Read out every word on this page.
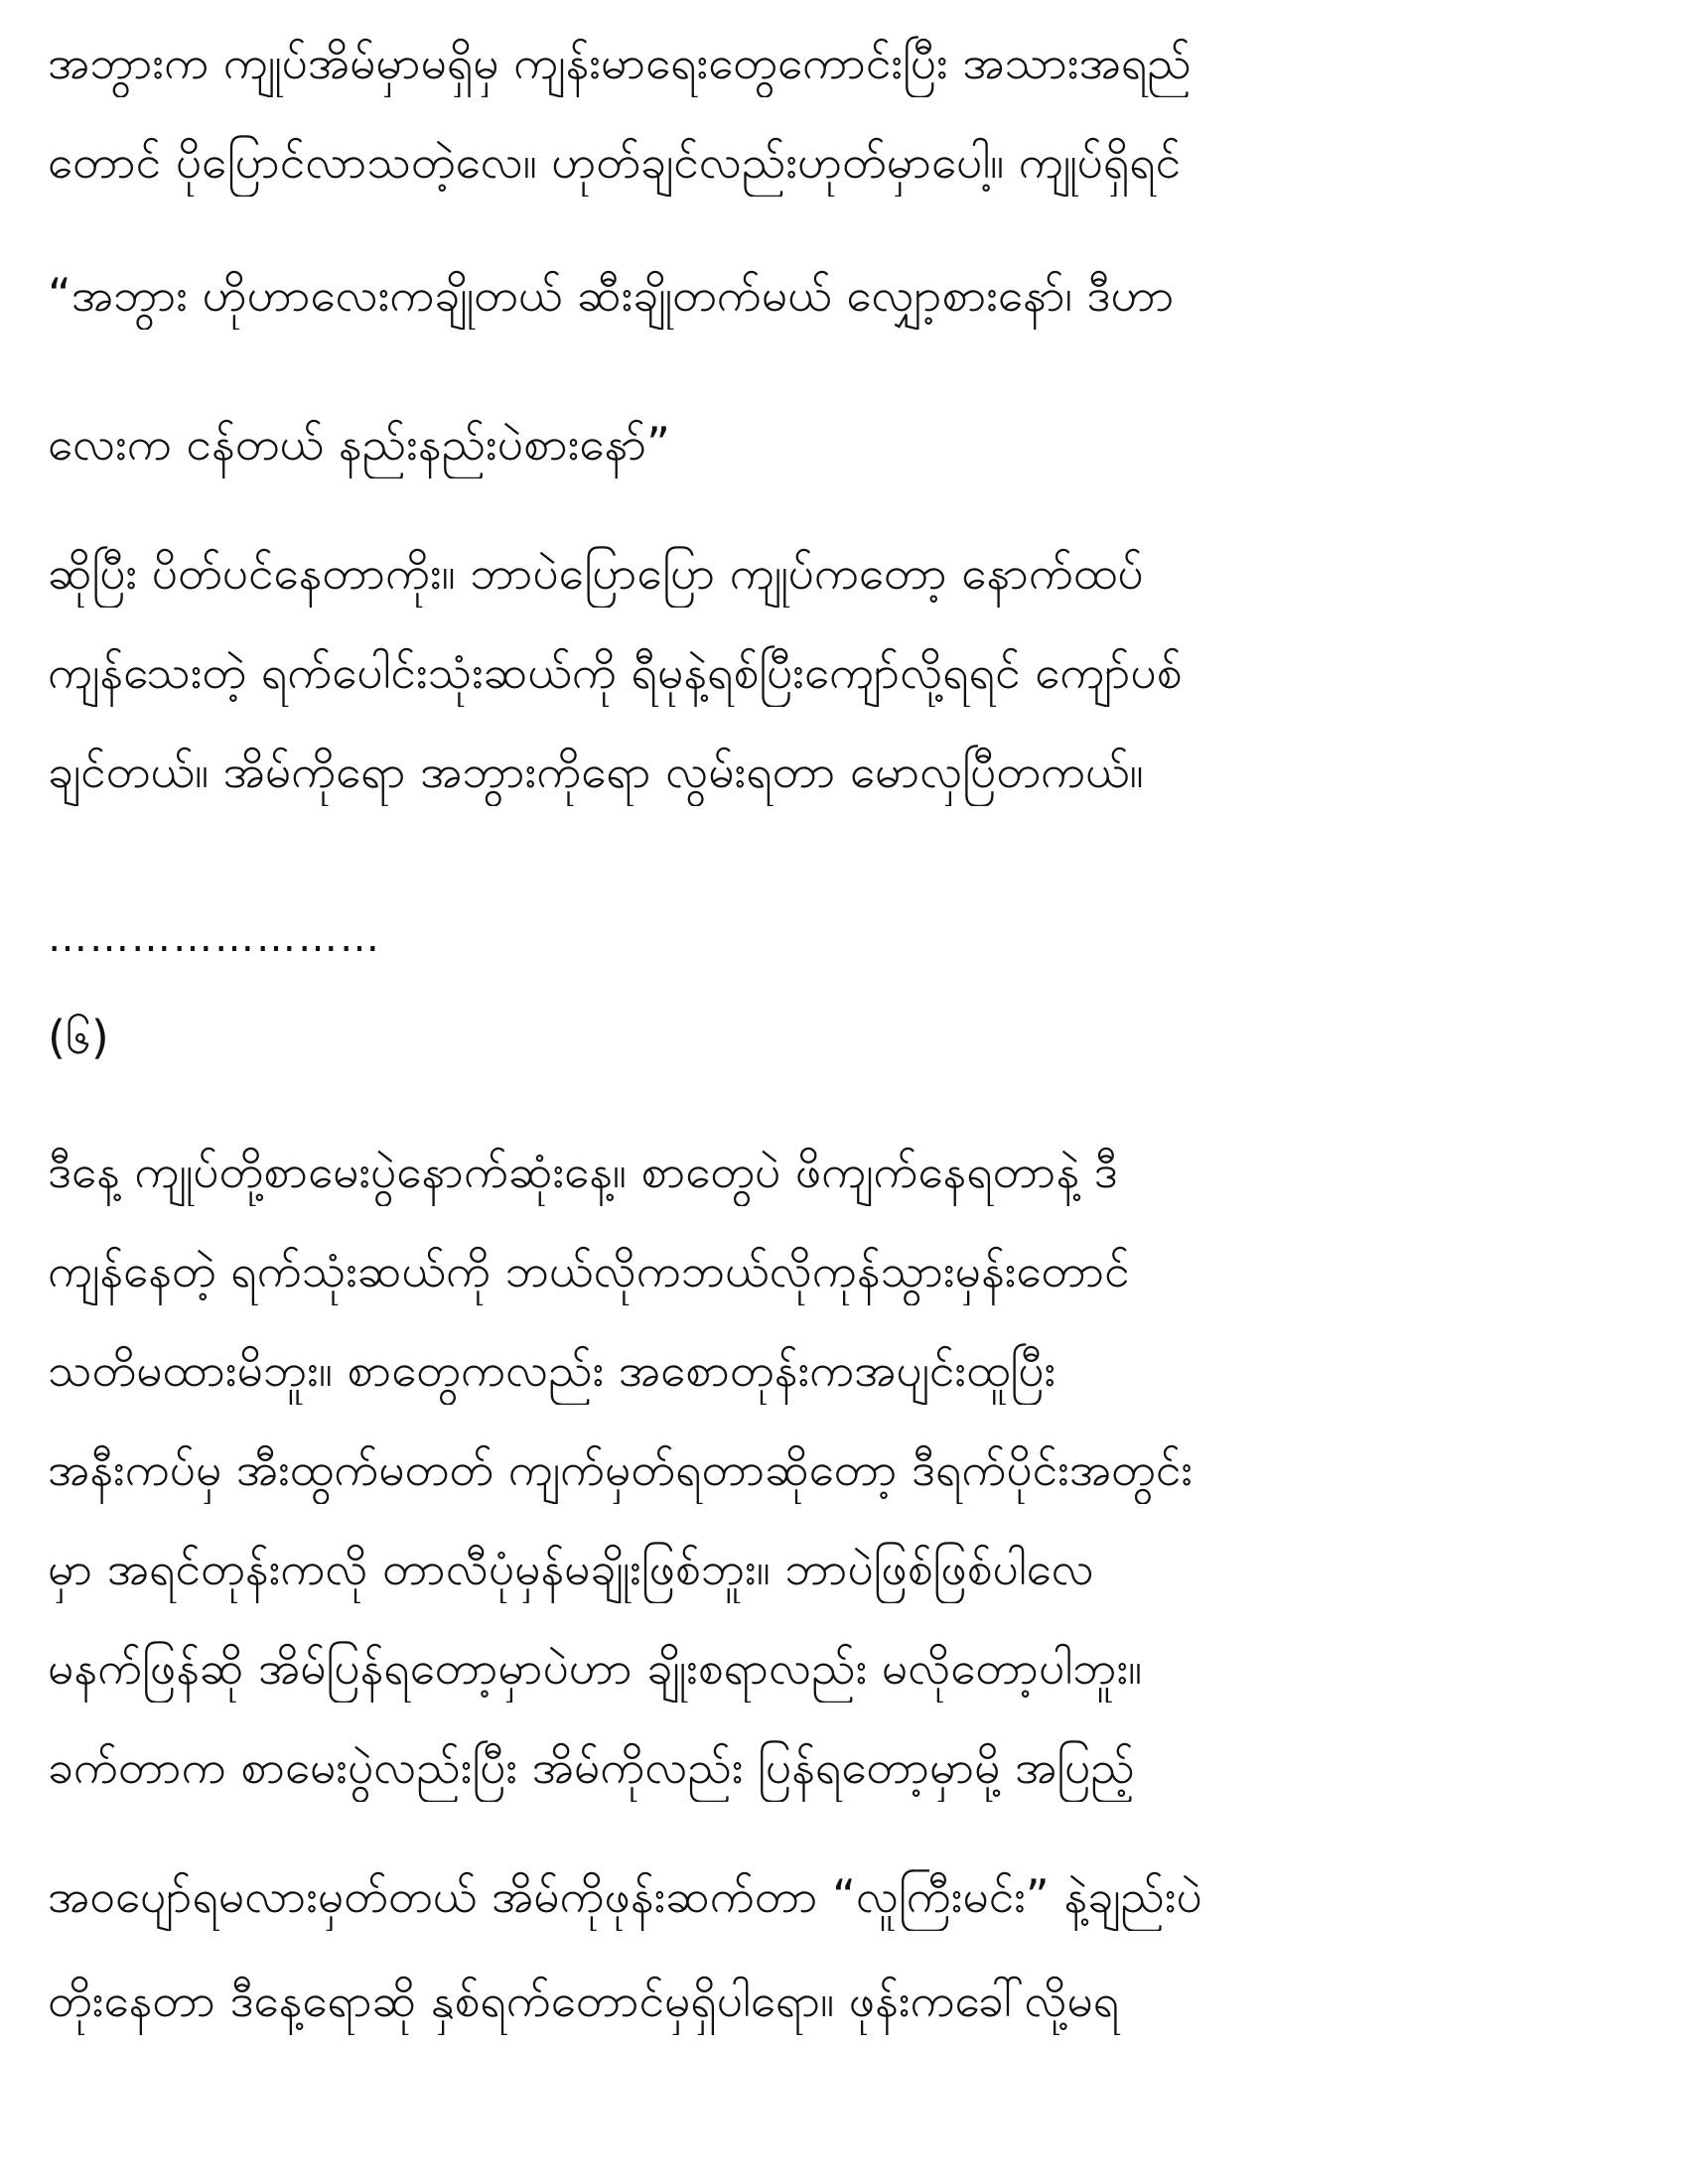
အဘွားက ကျုပ်အိမ်မှာမရှိမှ ကျန်းမာရေးတွေကောင်းပြီး အသားအရည်
တောင် ပိုပြောင်လာသတဲ့လေ။ ဟုတ်ချင်လည်းဟုတ်မှာပေါ့။ ကျုပ်ရှိရင်
“အဘွား ဟိုဟာလေးကချိုတယ် ဆီးချိုတက်မယ် လျှော့စားနော်၊ ဒီဟာ
လေးက ငန်တယ် နည်းနည်းပဲစားနော်”
ဆိုပြီး ပိတ်ပင်နေတာကိုး။ ဘာပဲပြောပြော ကျုပ်ကတော့ နောက်ထပ်
ကျန်သေးတဲ့ ရက်ပေါင်းသုံးဆယ်ကို ရီမုနဲ့ရစ်ပြီးကျော်လို့ရရင် ကျော်ပစ်
ချင်တယ်။ အိမ်ကိုရော အဘွားကိုရော လွမ်းရတာ မောလှပြီတကယ်။
……………………
(၆)
ဒီနေ့ ကျုပ်တို့စာမေးပွဲနောက်ဆုံးနေ့။ စာတွေပဲ ဖိကျက်နေရတာနဲ့ ဒီ
ကျန်နေတဲ့ ရက်သုံးဆယ်ကို ဘယ်လိုကဘယ်လိုကုန်သွားမှန်းတောင်
သတိမထားမိဘူး။ စာတွေကလည်း အစောတုန်းကအပျင်းထူပြီး
အနီးကပ်မှ အီးထွက်မတတ် ကျက်မှတ်ရတာဆိုတော့ ဒီရက်ပိုင်းအတွင်း
မှာ အရင်တုန်းကလို တာလီပုံမှန်မချိုးဖြစ်ဘူး။ ဘာပဲဖြစ်ဖြစ်ပါလေ
မနက်ဖြန်ဆို အိမ်ပြန်ရတော့မှာပဲဟာ ချိုးစရာလည်း မလိုတော့ပါဘူး။
ခက်တာက စာမေးပွဲလည်းပြီး အိမ်ကိုလည်း ပြန်ရတော့မှာမို့ အပြည့်
အဝပျော်ရမလားမှတ်တယ် အိမ်ကိုဖုန်းဆက်တာ “လူကြီးမင်း” နဲ့ချည်းပဲ
တိုးနေတာ ဒီနေ့ရောဆို နှစ်ရက်တောင်မှရှိပါရော။ ဖုန်းကခေါ်လို့မရ
